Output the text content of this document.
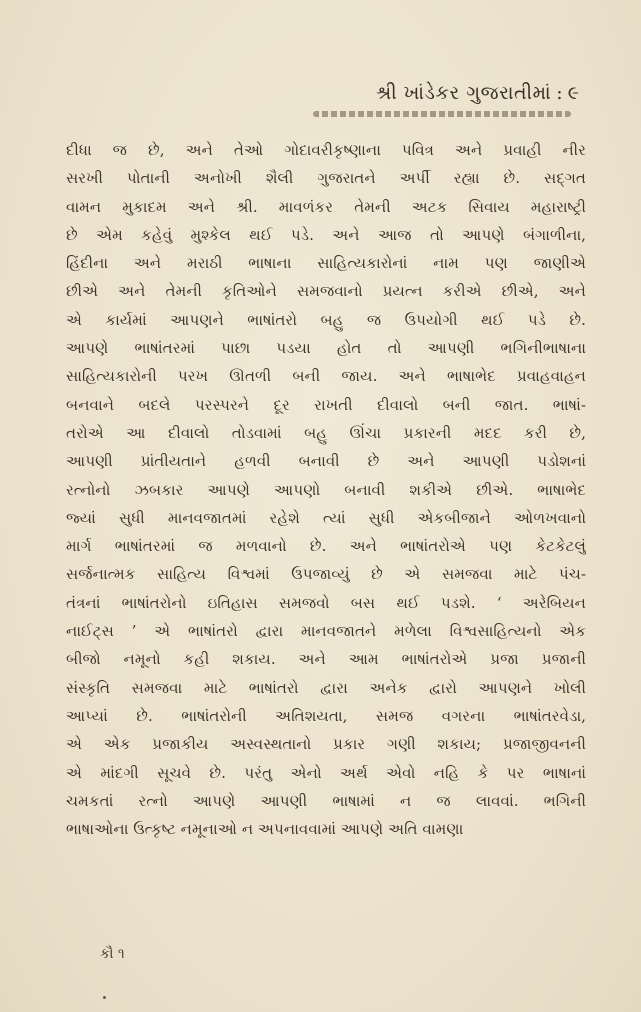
શ્રી ખાંડેકર ગુજરાતીમાં : ૯
દીધા જ છે, અને તેઓ ગોદાવરીકૃષ્ણાના પવિત્ર અને પ્રવાહી નીર
સરખી પોતાની અનોખી શૈલી ગુજરાતને અર્પી રહ્યા છે. સદ્ગત
વામન મુકાદમ અને શ્રી. માવળંકર તેમની અટક સિવાય મહારાષ્ટ્રી
છે એમ કહેવું મુશ્કેલ થઈ પડે. અને આજ તો આપણે બંગાળીના,
હિંદીના અને મરાઠી ભાષાના સાહિત્યકારોનાં નામ પણ જાણીએ
છીએ અને તેમની કૃતિઓને સમજવાનો પ્રયત્ન કરીએ છીએ, અને
એ કાર્યમાં આપણને ભાષાંતરો બહુ જ ઉપયોગી થઈ પડે છે.
આપણે ભાષાંતરમાં પાછા પડયા હોત તો આપણી ભગિનીભાષાના
સાહિત્યકારોની પરખ ઊતળી બની જાય. અને ભાષાભેદ પ્રવાહવાહન
બનવાને બદલે પરસ્પરને દૂર રાખતી દીવાલો બની જાત. ભાષાં-
તરોએ આ દીવાલો તોડવામાં બહુ ઊંચા પ્રકારની મદદ કરી છે,
આપણી પ્રાંતીયતાને હળવી બનાવી છે અને આપણી પડોશનાં
રત્નોનો ઝબકાર આપણે આપણો બનાવી શકીએ છીએ. ભાષાભેદ
જ્યાં સુધી માનવજાતમાં રહેશે ત્યાં સુધી એકબીજાને ઓળખવાનો
માર્ગ ભાષાંતરમાં જ મળવાનો છે. અને ભાષાંતરોએ પણ કેટકેટલું
સર્જનાત્મક સાહિત્ય વિશ્વમાં ઉપજાવ્યું છે એ સમજવા માટે પંચ-
તંત્રનાં ભાષાંતરોનો ઇતિહાસ સમજવો બસ થઈ પડશે. ‘ અરેબિયન
નાઈટ્સ ’ એ ભાષાંતરો દ્વારા માનવજાતને મળેલા વિશ્વસાહિત્યનો એક
બીજો નમૂનો કહી શકાય. અને આમ ભાષાંતરોએ પ્રજા પ્રજાની
સંસ્કૃતિ સમજવા માટે ભાષાંતરો દ્વારા અનેક દ્વારો આપણને ખોલી
આપ્યાં છે. ભાષાંતરોની અતિશયતા, સમજ વગરના ભાષાંતરવેડા,
એ એક પ્રજાકીય અસ્વસ્થતાનો પ્રકાર ગણી શકાય; પ્રજાજીવનની
એ માંદગી સૂચવે છે. પરંતુ એનો અર્થ એવો નહિ કે પર ભાષાનાં
ચમકતાં રત્નો આપણે આપણી ભાષામાં ન જ લાવવાં. ભગિની
ભાષાઓના ઉત્કૃષ્ટ નમૂનાઓ ન અપનાવવામાં આપણે અતિ વામણા
કૌ ૧
